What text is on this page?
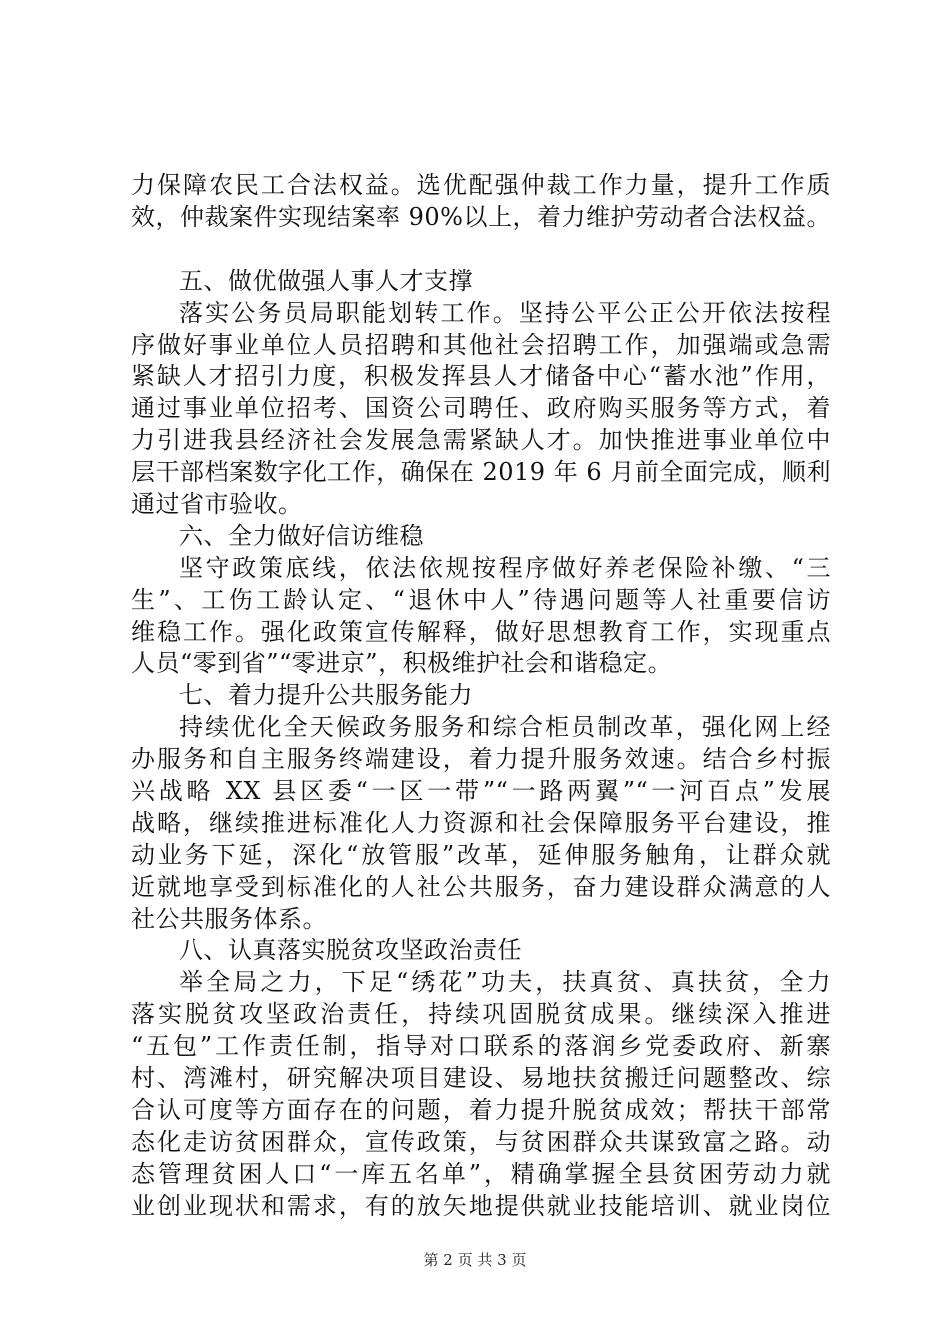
力保障农民工合法权益。选优配强仲裁工作力量，提升工作质
效，仲裁案件实现结案率 90%以上，着力维护劳动者合法权益。
五、做优做强人事人才支撑
落实公务员局职能划转工作。坚持公平公正公开依法按程
序做好事业单位人员招聘和其他社会招聘工作，加强端或急需
紧缺人才招引力度，积极发挥县人才储备中心“蓄水池”作用，
通过事业单位招考、国资公司聘任、政府购买服务等方式，着
力引进我县经济社会发展急需紧缺人才。加快推进事业单位中
层干部档案数字化工作，确保在 2019 年 6 月前全面完成，顺利
通过省市验收。
六、全力做好信访维稳
坚守政策底线，依法依规按程序做好养老保险补缴、“三
生”、工伤工龄认定、“退休中人”待遇问题等人社重要信访
维稳工作。强化政策宣传解释，做好思想教育工作，实现重点
人员“零到省”“零进京”，积极维护社会和谐稳定。
七、着力提升公共服务能力
持续优化全天候政务服务和综合柜员制改革，强化网上经
办服务和自主服务终端建设，着力提升服务效速。结合乡村振
兴战略 XX 县区委“一区一带”“一路两翼”“一河百点”发展
战略，继续推进标准化人力资源和社会保障服务平台建设，推
动业务下延，深化“放管服”改革，延伸服务触角，让群众就
近就地享受到标准化的人社公共服务，奋力建设群众满意的人
社公共服务体系。
八、认真落实脱贫攻坚政治责任
举全局之力，下足“绣花”功夫，扶真贫、真扶贫，全力
落实脱贫攻坚政治责任，持续巩固脱贫成果。继续深入推进
“五包”工作责任制，指导对口联系的落润乡党委政府、新寨
村、湾滩村，研究解决项目建设、易地扶贫搬迁问题整改、综
合认可度等方面存在的问题，着力提升脱贫成效；帮扶干部常
态化走访贫困群众，宣传政策，与贫困群众共谋致富之路。动
态管理贫困人口“一库五名单”，精确掌握全县贫困劳动力就
业创业现状和需求，有的放矢地提供就业技能培训、就业岗位
第 2 页 共 3 页
